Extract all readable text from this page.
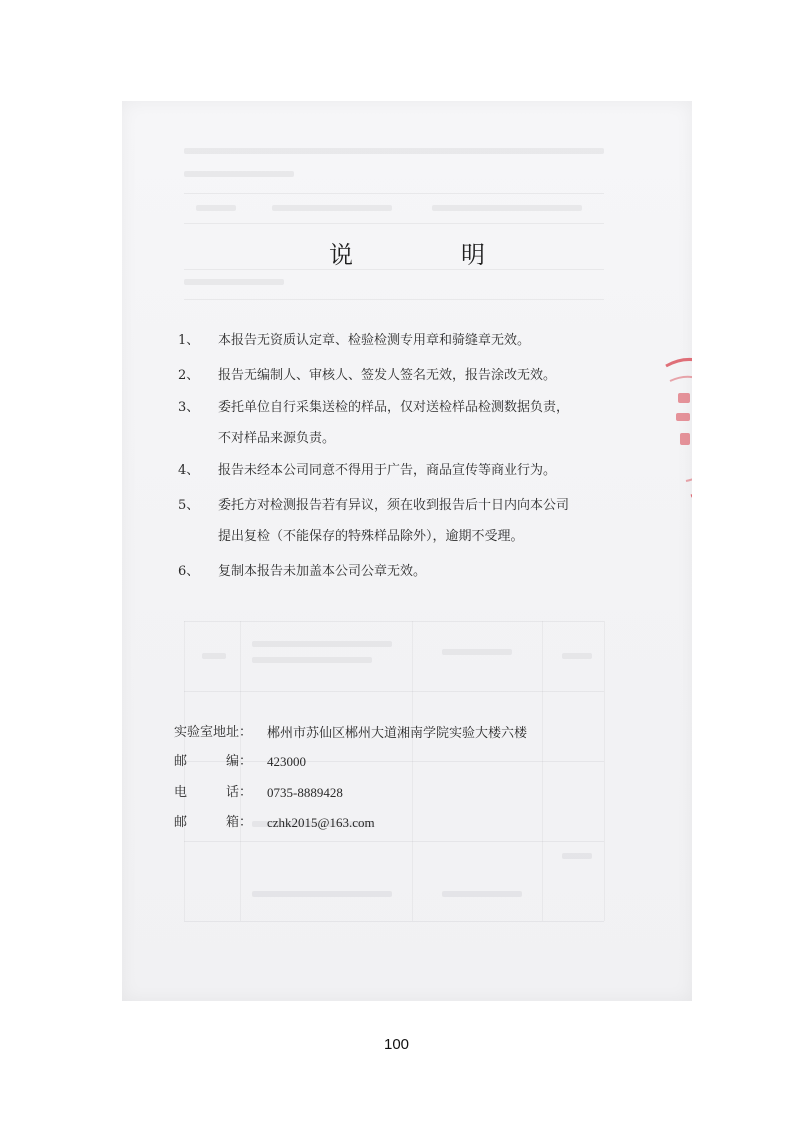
说　明
1、	本报告无资质认定章、检验检测专用章和骑缝章无效。
2、	报告无编制人、审核人、签发人签名无效，报告涂改无效。
3、	委托单位自行采集送检的样品，仅对送检样品检测数据负责，
不对样品来源负责。
4、	报告未经本公司同意不得用于广告，商品宣传等商业行为。
5、	委托方对检测报告若有异议，须在收到报告后十日内向本公司
提出复检（不能保存的特殊样品除外），逾期不受理。
6、	复制本报告未加盖本公司公章无效。
实验室地址： 郴州市苏仙区郴州大道湘南学院实验大楼六楼
邮　　　编： 423000
电　　　话： 0735-8889428
邮　　　箱： czhk2015@163.com
100
